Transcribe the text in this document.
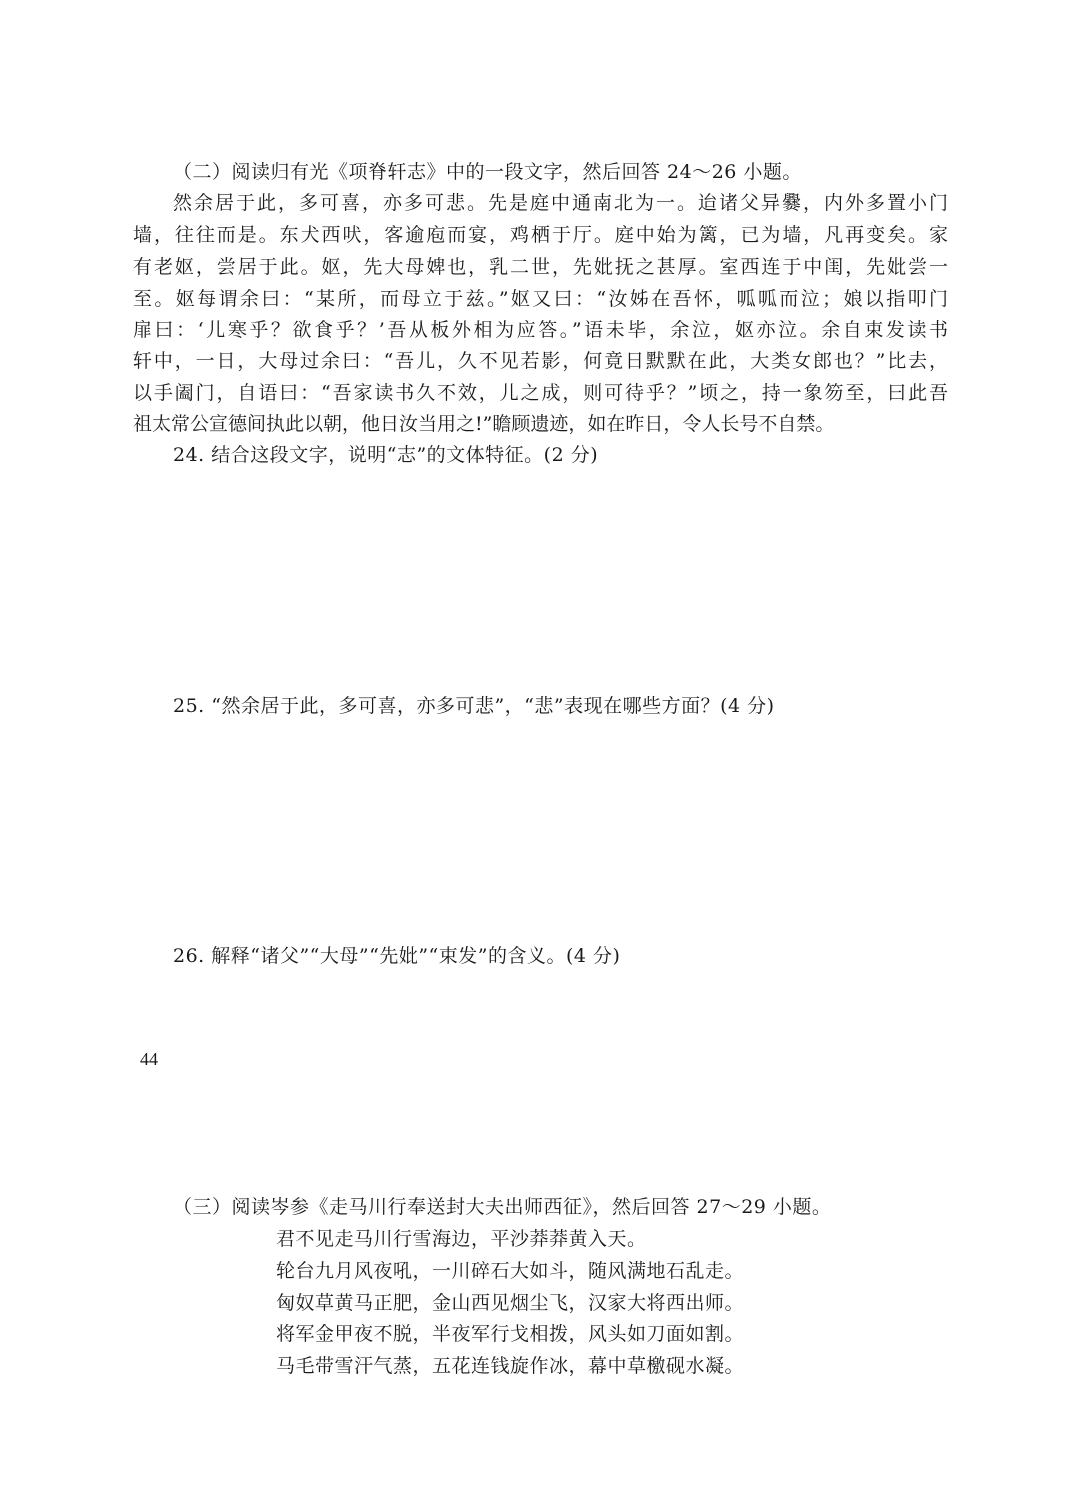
（二）阅读归有光《项脊轩志》中的一段文字，然后回答 24～26 小题。
然余居于此，多可喜，亦多可悲。先是庭中通南北为一。迨诸父异爨，内外多置小门
墙，往往而是。东犬西吠，客逾庖而宴，鸡栖于厅。庭中始为篱，已为墙，凡再变矣。家
有老妪，尝居于此。妪，先大母婢也，乳二世，先妣抚之甚厚。室西连于中闺，先妣尝一
至。妪每谓余曰：“某所，而母立于兹。”妪又曰：“汝姊在吾怀，呱呱而泣；娘以指叩门
扉曰：‘儿寒乎？欲食乎？’吾从板外相为应答。”语未毕，余泣，妪亦泣。余自束发读书
轩中，一日，大母过余曰：“吾儿，久不见若影，何竟日默默在此，大类女郎也？”比去，
以手阖门，自语曰：“吾家读书久不效，儿之成，则可待乎？”顷之，持一象笏至，曰此吾
祖太常公宣德间执此以朝，他日汝当用之!”瞻顾遗迹，如在昨日，令人长号不自禁。
24. 结合这段文字，说明“志”的文体特征。(2 分)
25. “然余居于此，多可喜，亦多可悲”，“悲”表现在哪些方面？(4 分)
26. 解释“诸父”“大母”“先妣”“束发”的含义。(4 分)
（三）阅读岑参《走马川行奉送封大夫出师西征》，然后回答 27～29 小题。
君不见走马川行雪海边，平沙莽莽黄入天。
轮台九月风夜吼，一川碎石大如斗，随风满地石乱走。
匈奴草黄马正肥，金山西见烟尘飞，汉家大将西出师。
将军金甲夜不脱，半夜军行戈相拨，风头如刀面如割。
马毛带雪汗气蒸，五花连钱旋作冰，幕中草檄砚水凝。
44
